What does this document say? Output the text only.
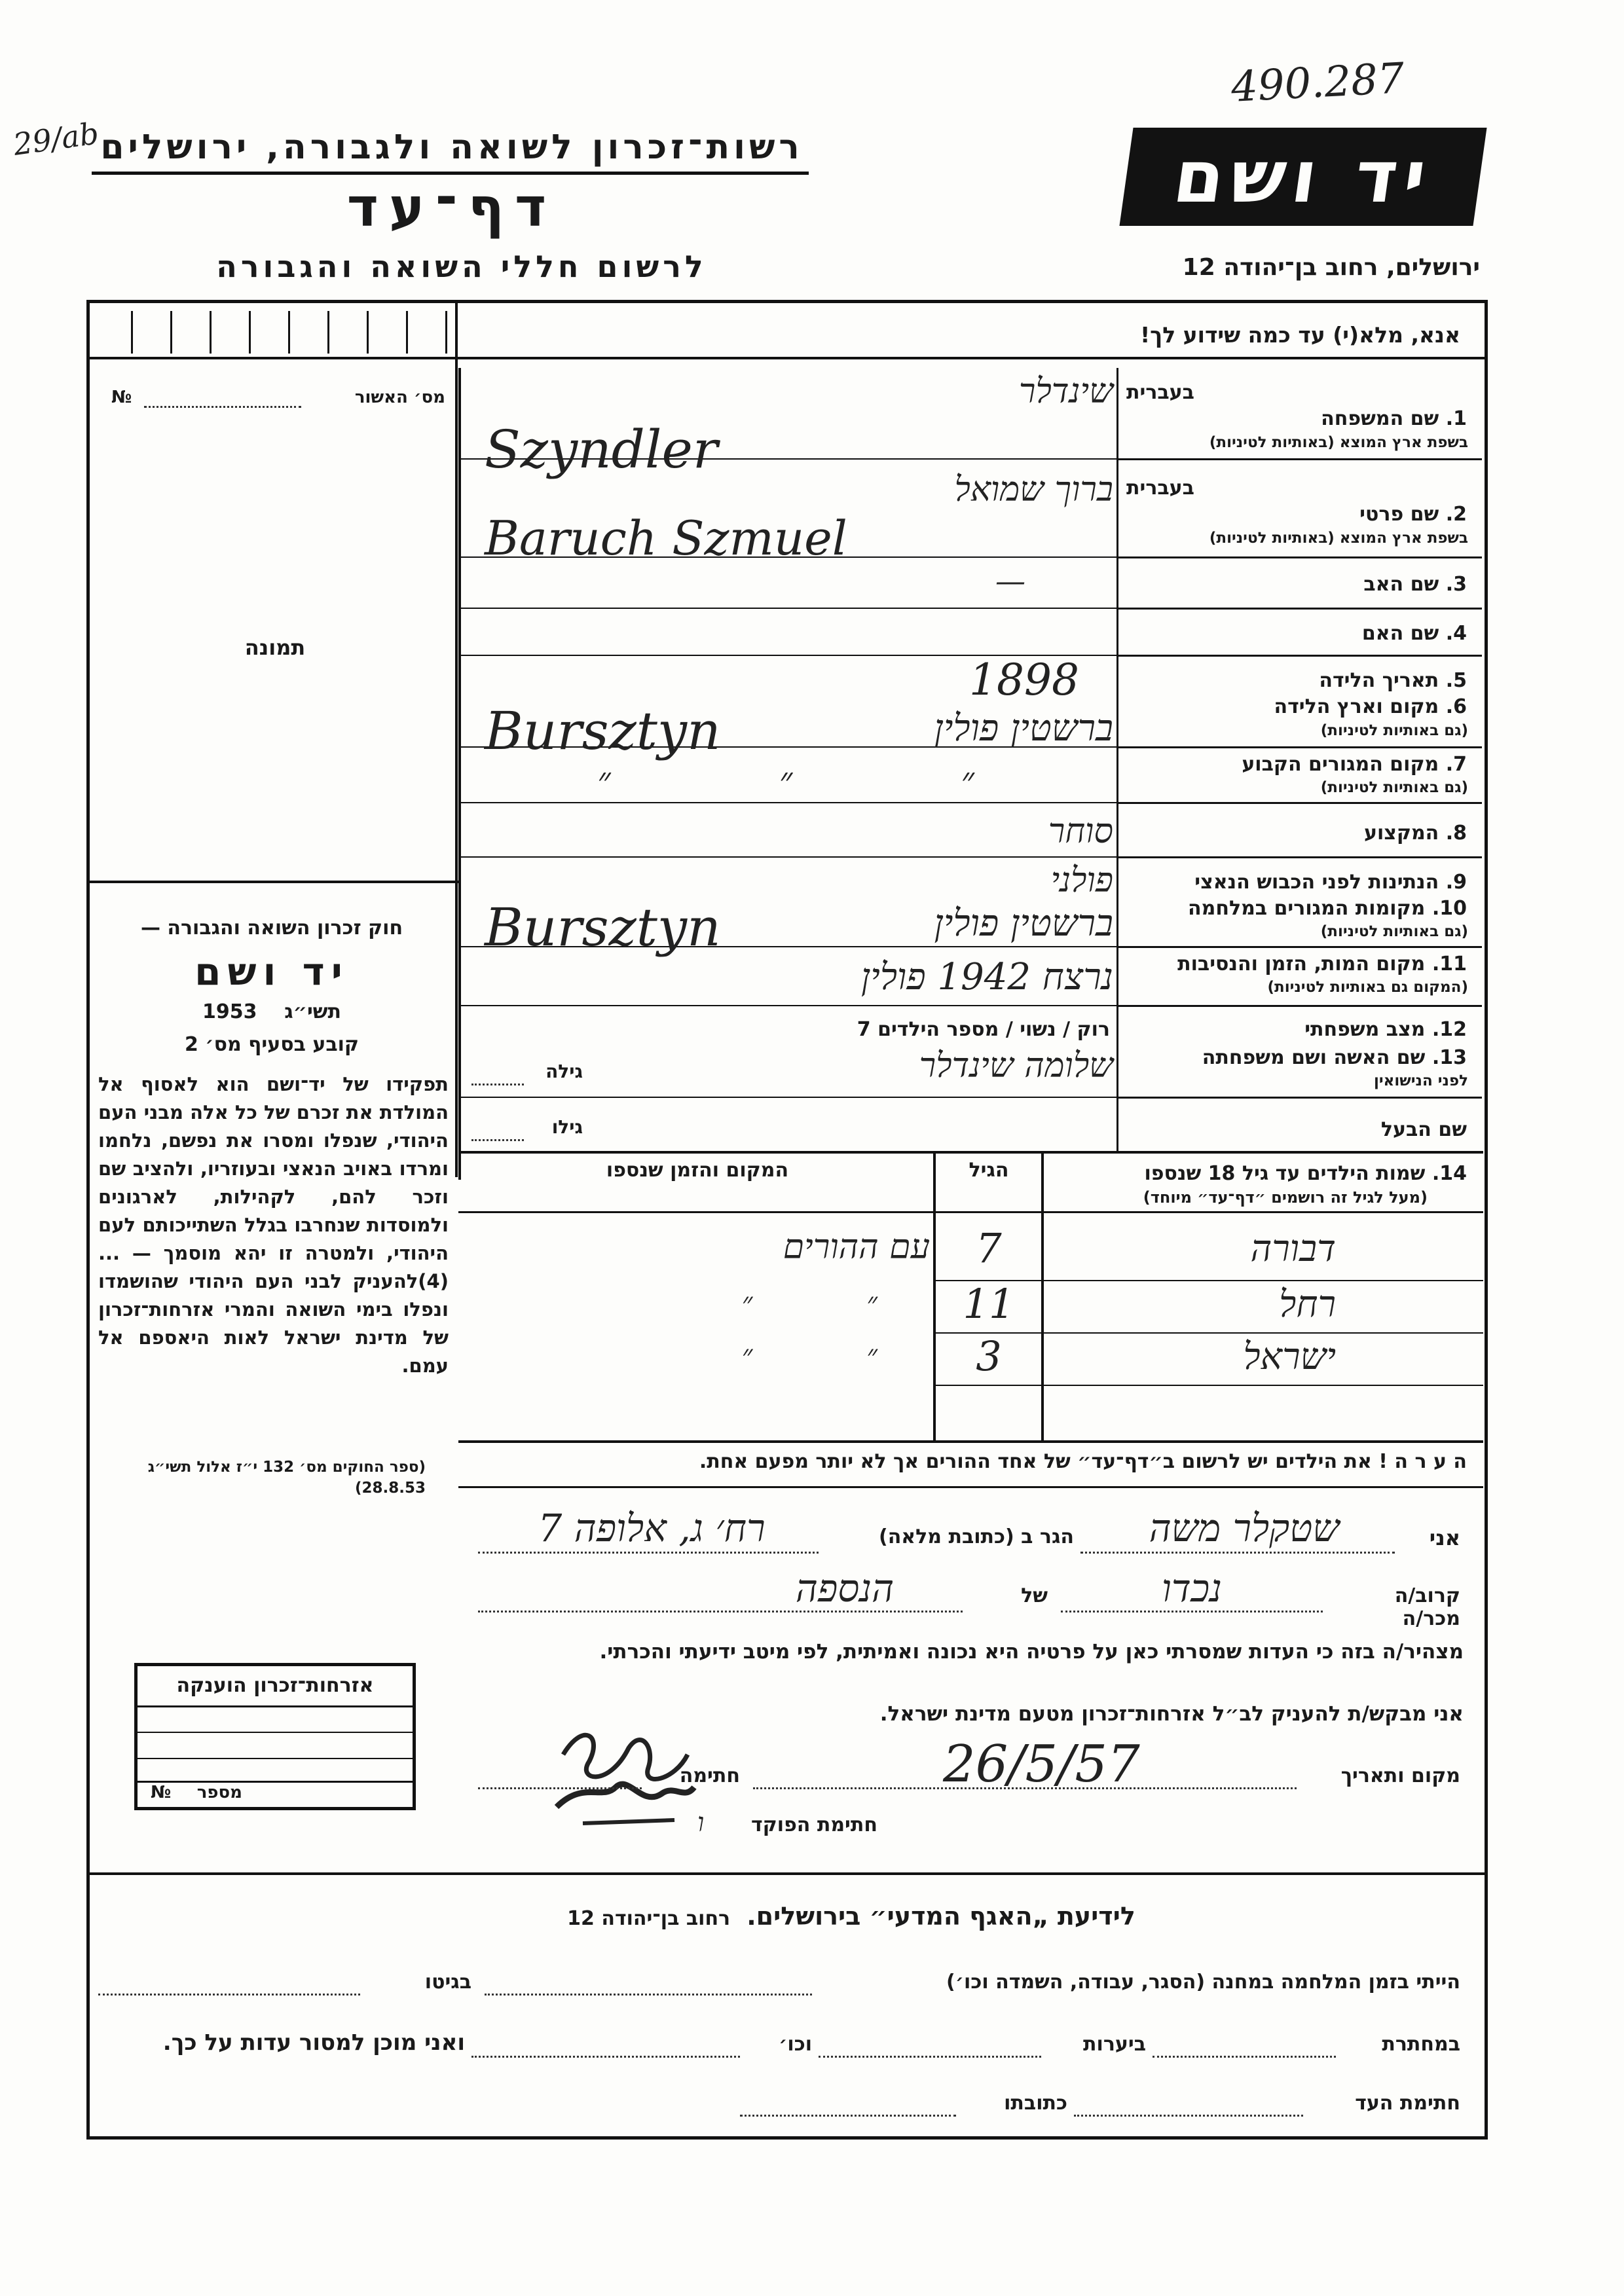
490.287
29/ab רשות־זכרון לשואה ולגבורה, ירושלים
דף־עד
לרשום חללי השואה והגבורה
יד ושם
ירושלים, רחוב בן־יהודה 12
אנא, מלא(י) עד כמה שידוע לך!
מס׳ האשור
№
תמונה
חוק זכרון השואה והגבורה —
יד ושם
1953 תשי״ג
קובע בסעיף מס׳ 2
תפקידו של יד־ושם הוא לאסוף אל המולדת את זכרם של כל אלה מבני העם היהודי, שנפלו ומסרו את נפשם, נלחמו ומרדו באויב הנאצי ובעוזריו, ולהציב שם וזכר להם, לקהילות, לארגונים ולמוסדות שנחרבו בגלל השתייכותם לעם היהודי, ולמטרה זו יהא מוסמך — ...(4)להעניק לבני העם היהודי שהושמדו ונפלו בימי השואה והמרי אזרחות־זכרון של מדינת ישראל לאות היאספם אל עמם.
(ספר החוקים מס׳ 132 י״ז אלול תשי״ג 28.8.53)
בעברית
1. שם המשפחה
בשפת ארץ המוצא (באותיות לטיניות)
בעברית
2. שם פרטי
בשפת ארץ המוצא (באותיות לטיניות)
3. שם האב
4. שם האם
5. תאריך הלידה
6. מקום וארץ הלידה
(גם באותיות לטיניות)
7. מקום המגורים הקבוע
(גם באותיות לטיניות)
8. המקצוע
9. הנתינות לפני הכבוש הנאצי
10. מקומות המגורים במלחמה
(גם באותיות לטיניות)
11. מקום המות, הזמן והנסיבות
(המקום גם באותיות לטיניות)
12. מצב משפחתי
13. שם האשה ושם משפחתה
לפני הנישואין
שם הבעל
שינדלר
Szyndler
ברוך שמואל
Baruch Szmuel
—
1898
Bursztyn	ברשטין פולין
״ ״ ״
סוחר
פולני
Bursztyn	ברשטין פולין
נרצח 1942 פולין
רוק / נשוי / מספר הילדים 7
שלומה שינדלר
גילה
גילו
14. שמות הילדים עד גיל 18 שנספו
(מעל לגיל זה רושמים ״דף־עד״ מיוחד)
הגיל
המקום והזמן שנספו
דבורה
7
עם ההורים
רחל
11
״ ״
ישראל
3
״ ״
ה ע ר ה ! את הילדים יש לרשום ב״דף־עד״ של אחד ההורים אך לא יותר מפעם אחת.
אני
שטקלר משה
הגר ב (כתובת מלאה)
רח׳ ג, אלופה 7
קרוב/ה מכר/ה
נכדו
של
הנספה
מצהיר/ה בזה כי העדות שמסרתי כאן על פרטיה היא נכונה ואמיתית, לפי מיטב ידיעתי והכרתי.
אני מבקש/ת להעניק לב״ל אזרחות־זכרון מטעם מדינת ישראל.
מקום ותאריך
26/5/57
חתימה
חתימת הפוקד
ו
אזרחות־זכרון הוענקה
מספר
№
לידיעת „האגף המדעי״ בירושלים.  רחוב בן־יהודה 12
הייתי בזמן המלחמה במחנה (הסגר, עבודה, השמדה וכו׳)
בגיטו
במחתרת
ביערות
וכו׳
ואני מוכן למסור עדות על כך.
חתימת העד
כתובתו
